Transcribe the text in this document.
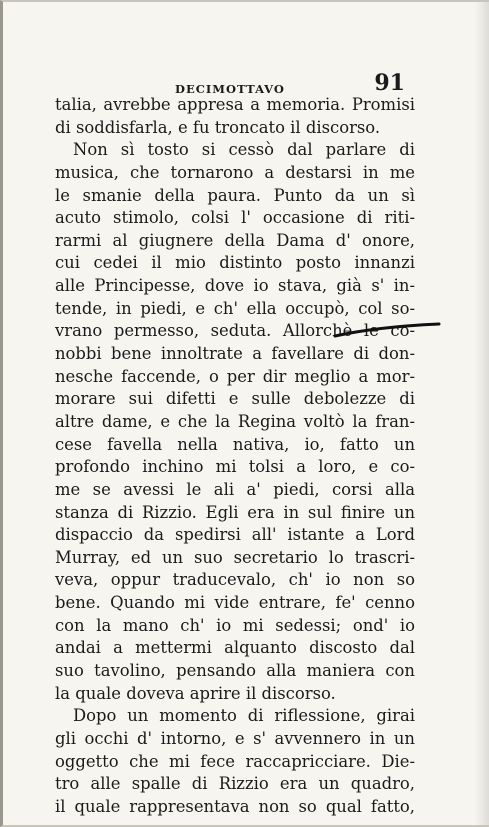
DECIMOTTAVO	91
talia, avrebbe appresa a memoria. Promisi
di soddisfarla, e fu troncato il discorso.
Non sì tosto si cessò dal parlare di
musica, che tornarono a destarsi in me
le smanie della paura. Punto da un sì
acuto stimolo, colsi l' occasione di riti-
rarmi al giugnere della Dama d' onore,
cui cedei il mio distinto posto innanzi
alle Principesse, dove io stava, già s' in-
tende, in piedi, e ch' ella occupò, col so-
vrano permesso, seduta. Allorchè le co-
nobbi bene innoltrate a favellare di don-
nesche faccende, o per dir meglio a mor-
morare sui difetti e sulle debolezze di
altre dame, e che la Regina voltò la fran-
cese favella nella nativa, io, fatto un
profondo inchino mi tolsi a loro, e co-
me se avessi le ali a' piedi, corsi alla
stanza di Rizzio. Egli era in sul finire un
dispaccio da spedirsi all' istante a Lord
Murray, ed un suo secretario lo trascri-
veva, oppur traducevalo, ch' io non so
bene. Quando mi vide entrare, fe' cenno
con la mano ch' io mi sedessi; ond' io
andai a mettermi alquanto discosto dal
suo tavolino, pensando alla maniera con
la quale doveva aprire il discorso.
Dopo un momento di riflessione, girai
gli occhi d' intorno, e s' avvennero in un
oggetto che mi fece raccapricciare. Die-
tro alle spalle di Rizzio era un quadro,
il quale rappresentava non so qual fatto,
